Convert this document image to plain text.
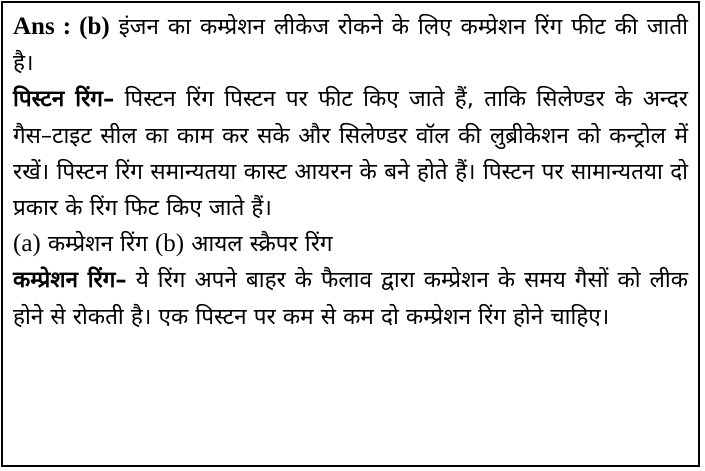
Ans : (b) इंजन का कम्प्रेशन लीकेज रोकने के लिए कम्प्रेशन रिंग फीट की जाती है।

पिस्टन रिंग– पिस्टन रिंग पिस्टन पर फीट किए जाते हैं, ताकि सिलेण्डर के अन्दर गैस–टाइट सील का काम कर सके और सिलेण्डर वॉल की लुब्रीकेशन को कन्ट्रोल में रखें। पिस्टन रिंग समान्यतया कास्ट आयरन के बने होते हैं। पिस्टन पर सामान्यतया दो प्रकार के रिंग फिट किए जाते हैं।

(a) कम्प्रेशन रिंग (b) आयल स्क्रैपर रिंग

कम्प्रेशन रिंग– ये रिंग अपने बाहर के फैलाव द्वारा कम्प्रेशन के समय गैसों को लीक होने से रोकती है। एक पिस्टन पर कम से कम दो कम्प्रेशन रिंग होने चाहिए।
